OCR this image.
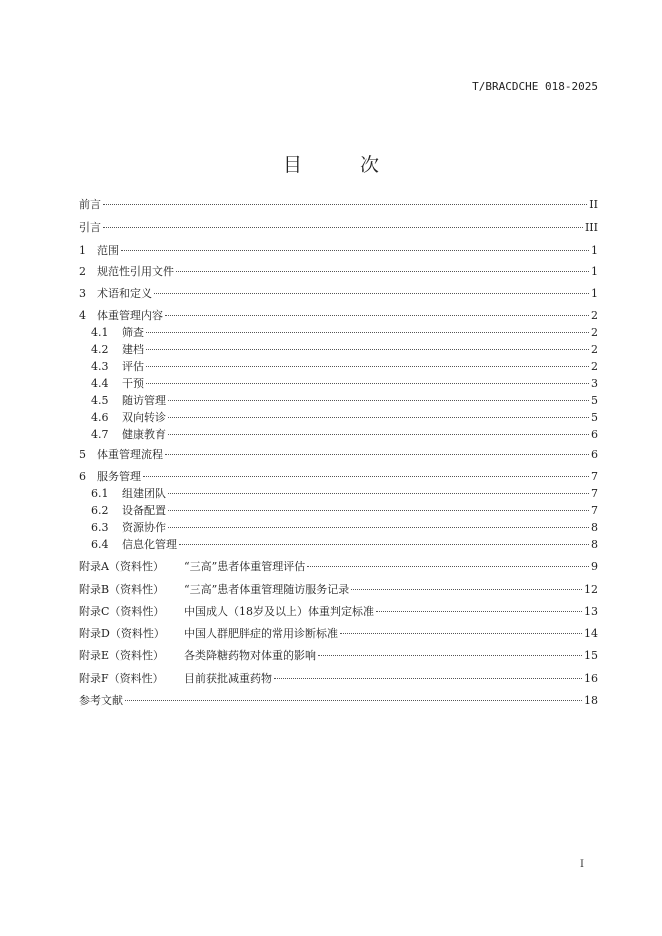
T/BRACDCHE 018-2025
目 次
前言	II
引言	III
1	范围	1
2	规范性引用文件	1
3	术语和定义	1
4	体重管理内容	2
4.1	筛查	2
4.2	建档	2
4.3	评估	2
4.4	干预	3
4.5	随访管理	5
4.6	双向转诊	5
4.7	健康教育	6
5	体重管理流程	6
6	服务管理	7
6.1	组建团队	7
6.2	设备配置	7
6.3	资源协作	8
6.4	信息化管理	8
附录A（资料性）	“三高”患者体重管理评估	9
附录B（资料性）	“三高”患者体重管理随访服务记录	12
附录C（资料性）	中国成人（18岁及以上）体重判定标准	13
附录D（资料性）	中国人群肥胖症的常用诊断标准	14
附录E（资料性）	各类降糖药物对体重的影响	15
附录F（资料性）	目前获批减重药物	16
参考文献	18
I
